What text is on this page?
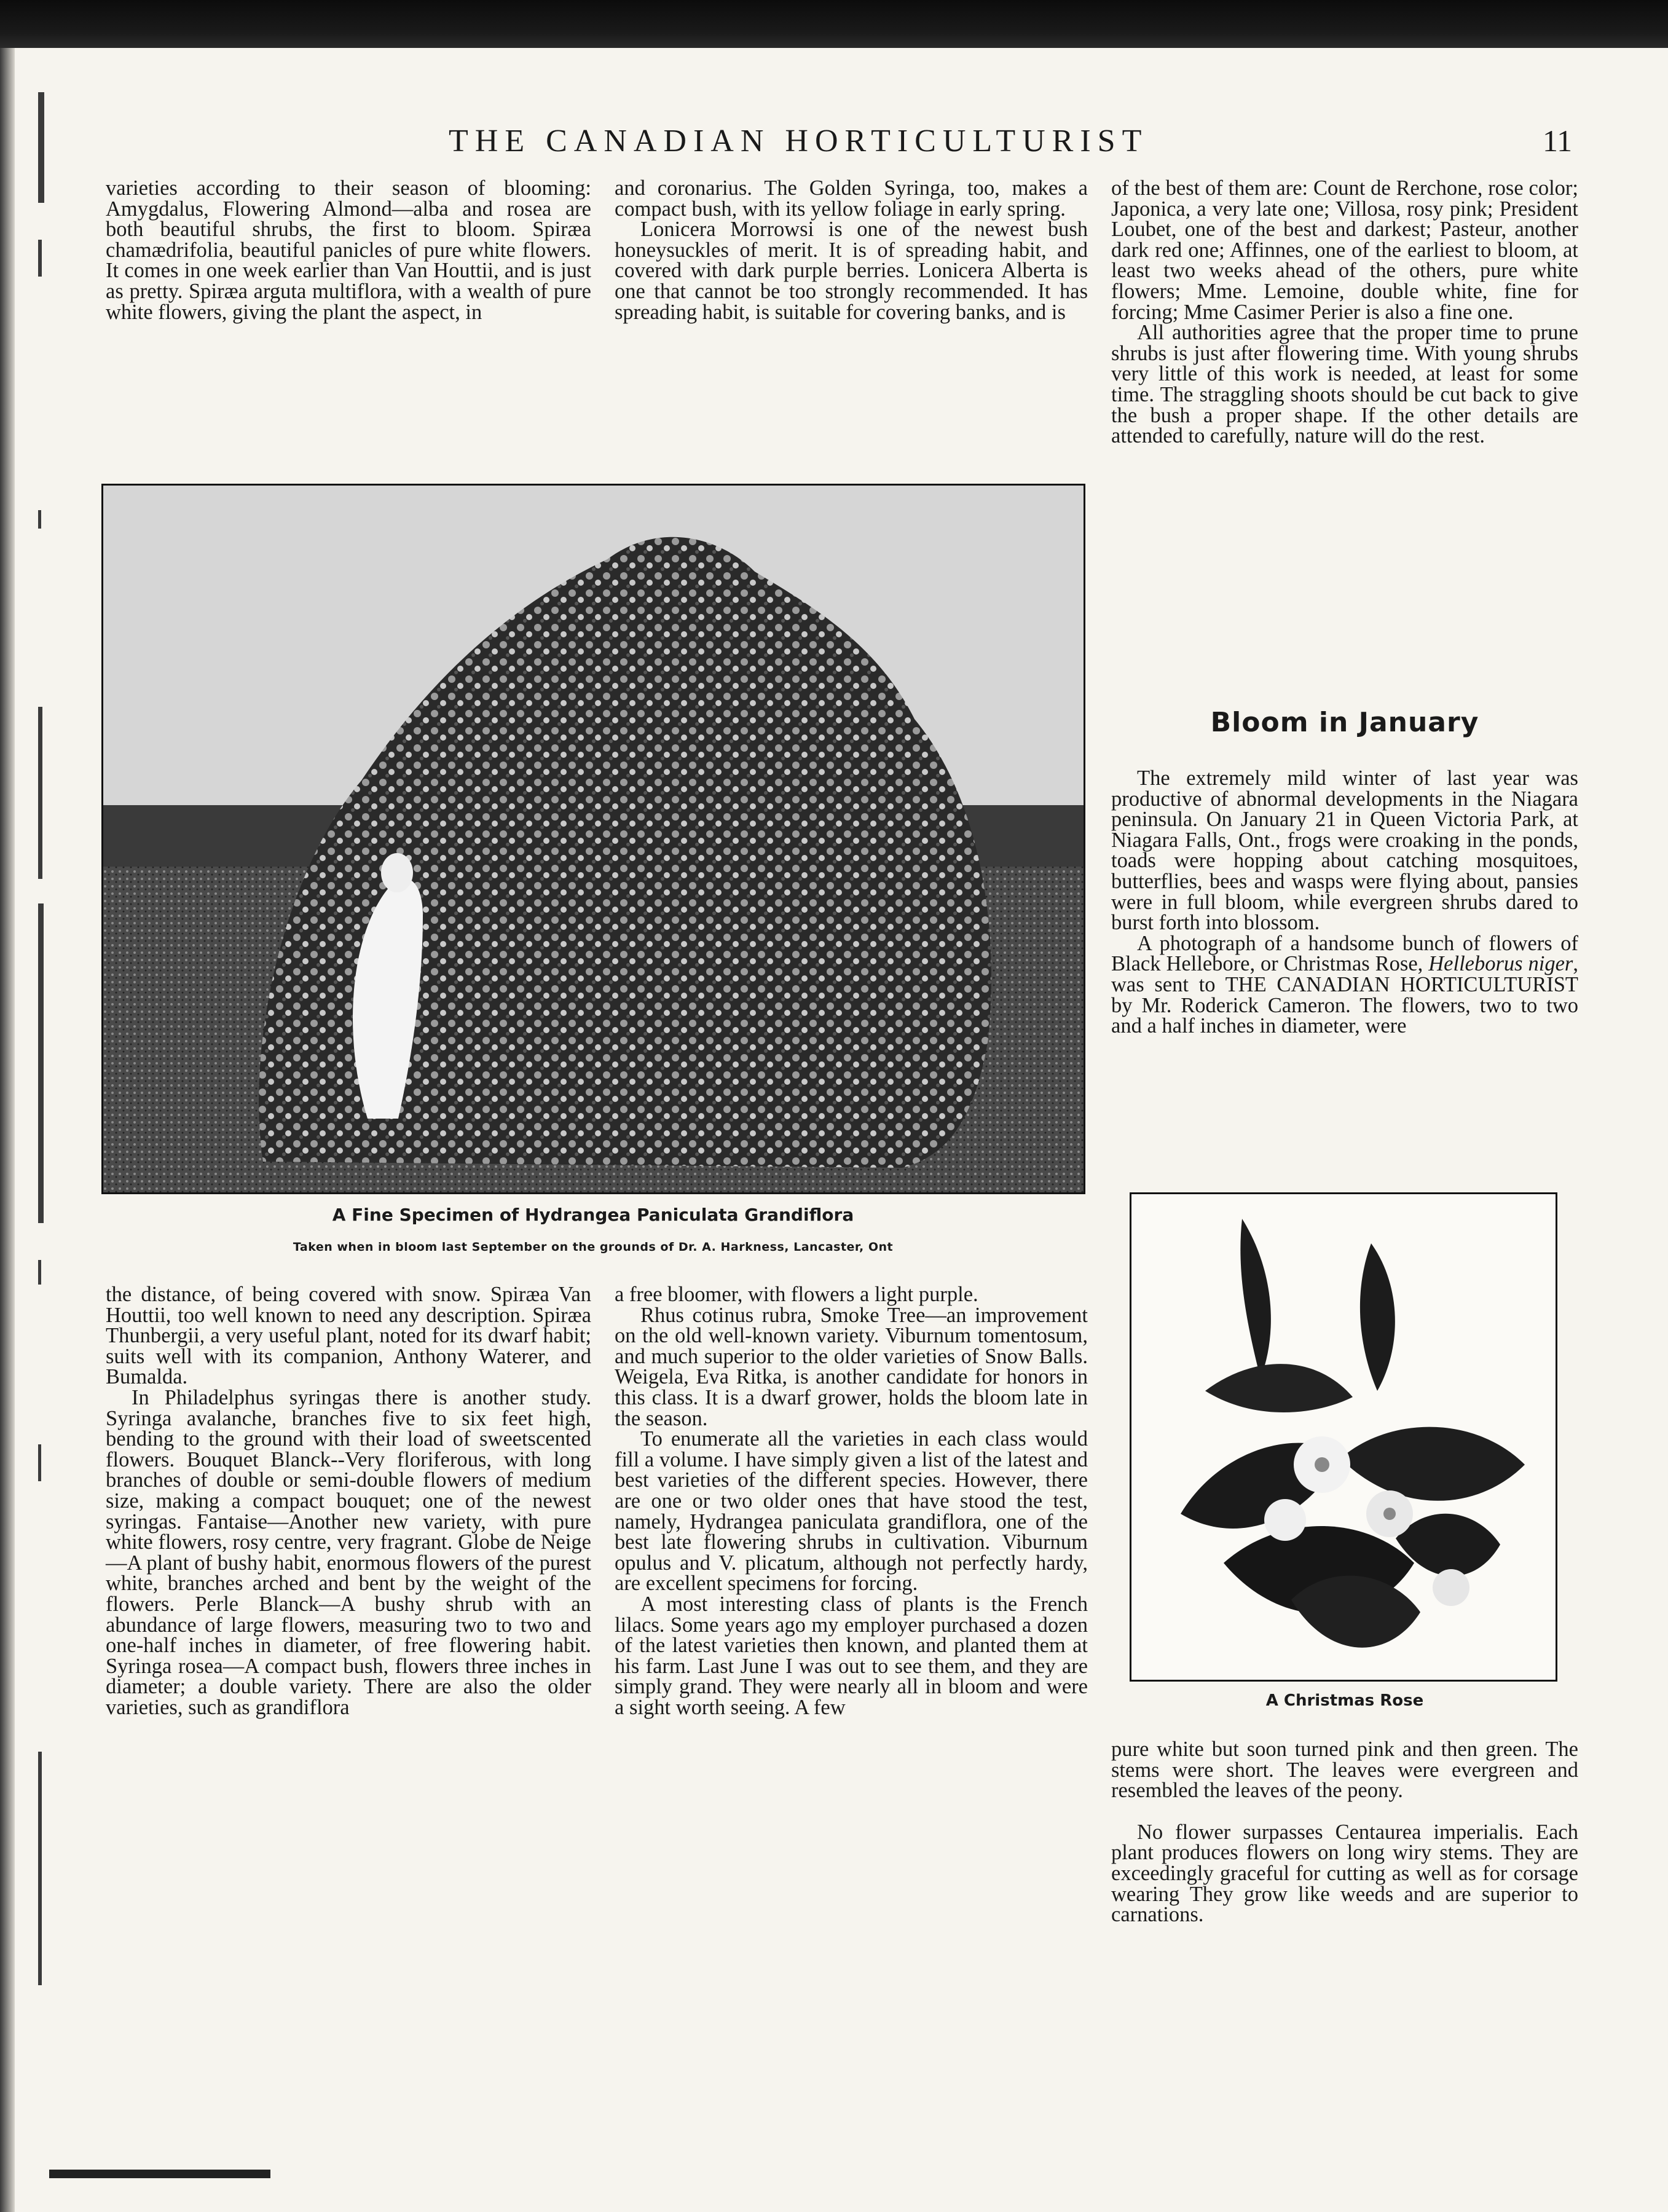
THE CANADIAN HORTICULTURIST	11

varieties according to their season of blooming: Amygdalus, Flowering Almond—alba and rosea are both beautiful shrubs, the first to bloom. Spiræa chamædrifolia, beautiful panicles of pure white flowers. It comes in one week earlier than Van Houttii, and is just as pretty. Spiræa arguta multiflora, with a wealth of pure white flowers, giving the plant the aspect, in

and coronarius. The Golden Syringa, too, makes a compact bush, with its yellow foliage in early spring.

Lonicera Morrowsi is one of the newest bush honeysuckles of merit. It is of spreading habit, and covered with dark purple berries. Lonicera Alberta is one that cannot be too strongly recommended. It has spreading habit, is suitable for covering banks, and is

of the best of them are: Count de Rerchone, rose color; Japonica, a very late one; Villosa, rosy pink; President Loubet, one of the best and darkest; Pasteur, another dark red one; Affinnes, one of the earliest to bloom, at least two weeks ahead of the others, pure white flowers; Mme. Lemoine, double white, fine for forcing; Mme Casimer Perier is also a fine one.

All authorities agree that the proper time to prune shrubs is just after flowering time. With young shrubs very little of this work is needed, at least for some time. The straggling shoots should be cut back to give the bush a proper shape. If the other details are attended to carefully, nature will do the rest.

Bloom in January

The extremely mild winter of last year was productive of abnormal developments in the Niagara peninsula. On January 21 in Queen Victoria Park, at Niagara Falls, Ont., frogs were croaking in the ponds, toads were hopping about catching mosquitoes, butterflies, bees and wasps were flying about, pansies were in full bloom, while evergreen shrubs dared to burst forth into blossom.

A photograph of a handsome bunch of flowers of Black Hellebore, or Christmas Rose, Helleborus niger, was sent to THE CANADIAN HORTICULTURIST by Mr. Roderick Cameron. The flowers, two to two and a half inches in diameter, were

A Fine Specimen of Hydrangea Paniculata Grandiflora
Taken when in bloom last September on the grounds of Dr. A. Harkness, Lancaster, Ont
A Christmas Rose

the distance, of being covered with snow. Spiræa Van Houttii, too well known to need any description. Spiræa Thunbergii, a very useful plant, noted for its dwarf habit; suits well with its companion, Anthony Waterer, and Bumalda.

In Philadelphus syringas there is another study. Syringa avalanche, branches five to six feet high, bending to the ground with their load of sweetscented flowers. Bouquet Blanck--Very floriferous, with long branches of double or semi-double flowers of medium size, making a compact bouquet; one of the newest syringas. Fantaise—Another new variety, with pure white flowers, rosy centre, very fragrant. Globe de Neige—A plant of bushy habit, enormous flowers of the purest white, branches arched and bent by the weight of the flowers. Perle Blanck—A bushy shrub with an abundance of large flowers, measuring two to two and one-half inches in diameter, of free flowering habit. Syringa rosea—A compact bush, flowers three inches in diameter; a double variety. There are also the older varieties, such as grandiflora

a free bloomer, with flowers a light purple.

Rhus cotinus rubra, Smoke Tree—an improvement on the old well-known variety. Viburnum tomentosum, and much superior to the older varieties of Snow Balls. Weigela, Eva Ritka, is another candidate for honors in this class. It is a dwarf grower, holds the bloom late in the season.

To enumerate all the varieties in each class would fill a volume. I have simply given a list of the latest and best varieties of the different species. However, there are one or two older ones that have stood the test, namely, Hydrangea paniculata grandiflora, one of the best late flowering shrubs in cultivation. Viburnum opulus and V. plicatum, although not perfectly hardy, are excellent specimens for forcing.

A most interesting class of plants is the French lilacs. Some years ago my employer purchased a dozen of the latest varieties then known, and planted them at his farm. Last June I was out to see them, and they are simply grand. They were nearly all in bloom and were a sight worth seeing. A few

pure white but soon turned pink and then green. The stems were short. The leaves were evergreen and resembled the leaves of the peony.

No flower surpasses Centaurea imperialis. Each plant produces flowers on long wiry stems. They are exceedingly graceful for cutting as well as for corsage wearing They grow like weeds and are superior to carnations.
